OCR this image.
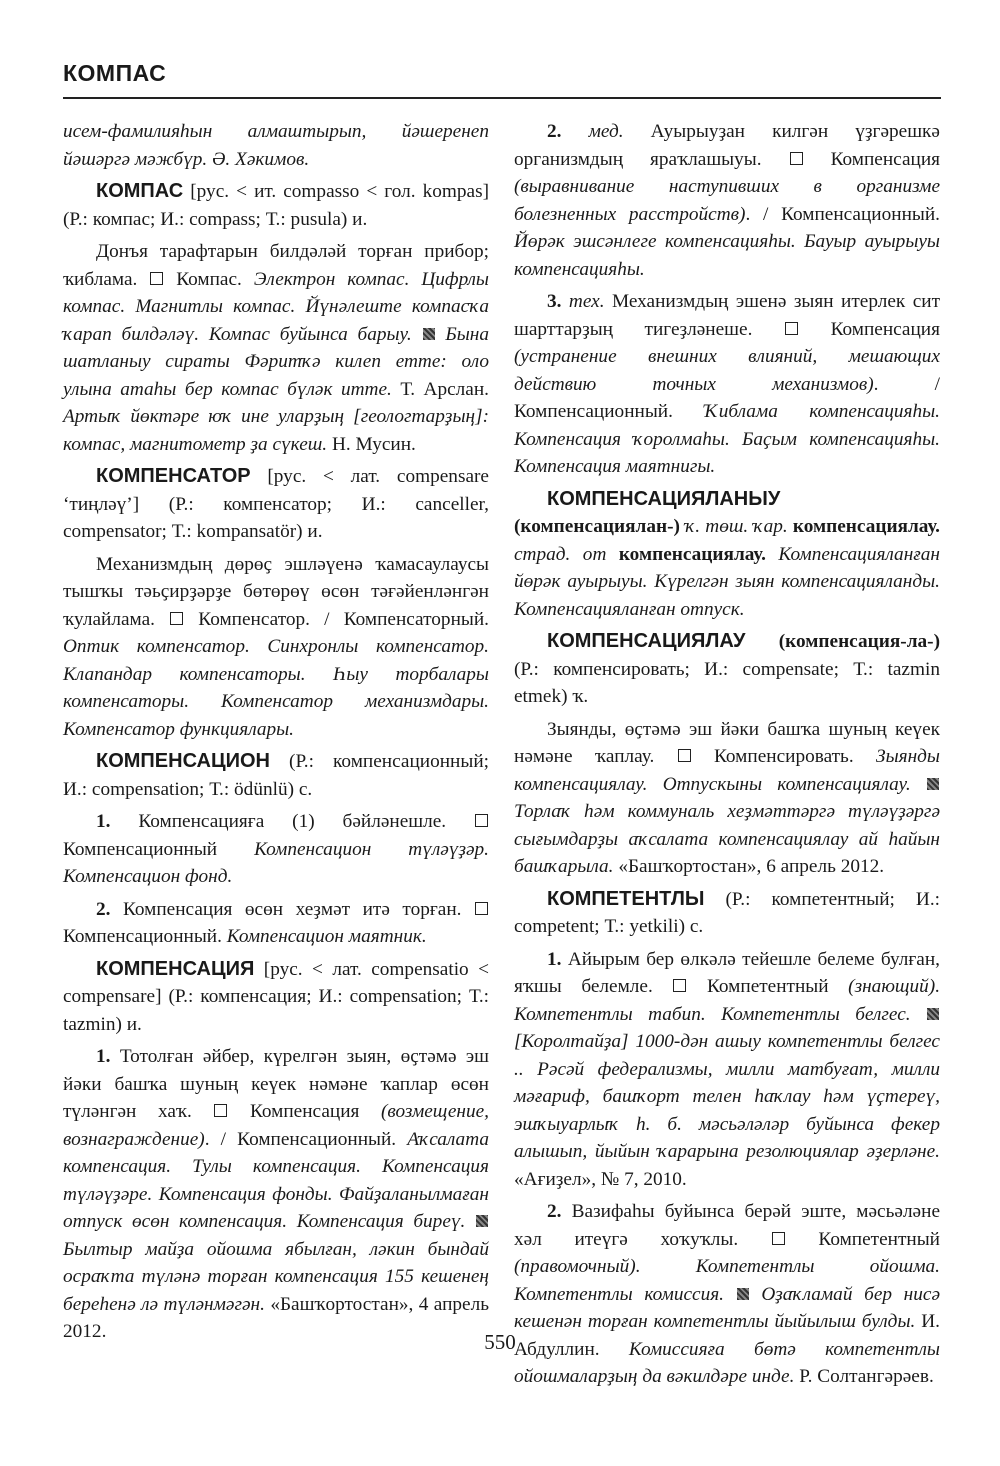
КОМПАС

исем-фамилияһын алмаштырып, йәшеренеп йәшәргә мәжбүр. Ә. Хәкимов.

КОМПАС [рус. < ит. compasso < гол. kompas] (Р.: компас; И.: compass; Т.: pusula) и.

Донъя тарафтарын билдәләй торған прибор; ҡиблама.  Компас. Электрон компас. Цифрлы компас. Магнитлы компас. Йүнәлеште компасҡа ҡарап билдәләү. Компас буйынса барыу.  Бына шатланыу сираты Фәритҡә килеп етте: оло улына атаһы бер компас бүләк итте. Т. Арслан. Артыҡ йөктәре юҡ ине уларҙың [геологтарҙың]: компас, магнитометр ҙа сүкеш. Н. Мусин.

КОМПЕНСАТОР [рус. < лат. compensare ‘тиңләү’] (Р.: компенсатор; И.: canceller, compensator; Т.: kompansatör) и.

Механизмдың дөрөҫ эшләүенә ҡамасаулаусы тышҡы тәьҫирҙәрҙе бөтөрөү өсөн тәғәйенләнгән ҡулайлама.  Компенсатор. / Компенсаторный. Оптик компенсатор. Синхронлы компенсатор. Клапандар компенсаторы. Һыу торбалары компенсаторы. Компенсатор механизмдары. Компенсатор функциялары.

КОМПЕНСАЦИОН (Р.: компенсационный; И.: compensation; Т.: ödünlü) с.

1. Компенсацияға (1) бәйләнешле.  Компенсационный Компенсацион түләүҙәр. Компенсацион фонд.

2. Компенсация өсөн хеҙмәт итә торған.  Компенсационный. Компенсацион маятник.

КОМПЕНСАЦИЯ [рус. < лат. compensatio < compensare] (Р.: компенсация; И.: compensation; Т.: tazmin) и.

1. Тотолған әйбер, күрелгән зыян, өҫтәмә эш йәки башҡа шуның кеүек нәмәне ҡаплар өсөн түләнгән хаҡ.  Компенсация (возмещение, вознаграждение). / Компенсационный. Аҡсалата компенсация. Тулы компенсация. Компенсация түләүҙәре. Компенсация фонды. Файҙаланылмаған отпуск өсөн компенсация. Компенсация биреү.  Былтыр майҙа ойошма ябылған, ләкин бындай осраҡта түләнә торған компенсация 155 кешенең береһенә лә түләнмәгән. «Башҡортостан», 4 апрель 2012.

2. мед. Ауырыуҙан килгән үҙгәрешкә организмдың яраҡлашыуы.  Компенсация (выравнивание наступивших в организме болезненных расстройств). / Компенсационный. Йөрәк эшсәнлеге компенсацияһы. Бауыр ауырыуы компенсацияһы.

3. тех. Механизмдың эшенә зыян итерлек сит шарттарҙың тигеҙләнеше.  Компенсация (устранение внешних влияний, мешающих действию точных механизмов). / Компенсационный. Ҡиблама компенсацияһы. Компенсация ҡоролмаһы. Баҫым компенсацияһы. Компенсация маятнигы.

КОМПЕНСАЦИЯЛАНЫУ (компенсациялан-) ҡ. төш. ҡар. компенсациялау. страд. от компенсациялау. Компенсацияланған йөрәк ауырыуы. Күрелгән зыян компенсацияланды. Компенсацияланған отпуск.

КОМПЕНСАЦИЯЛАУ (компенсация-ла-) (Р.: компенсировать; И.: compensate; Т.: tazmin etmek) ҡ.

Зыянды, өҫтәмә эш йәки башҡа шуның кеүек нәмәне ҡаплау.  Компенсировать. Зыянды компенсациялау. Отпускыны компенсациялау.  Торлаҡ һәм коммуналь хеҙмәттәргә түләүҙәргә сығымдарҙы аҡсалата компенсациялау ай һайын башҡарыла. «Башҡортостан», 6 апрель 2012.

КОМПЕТЕНТЛЫ (Р.: компетентный; И.: competent; Т.: yetkili) с.

1. Айырым бер өлкәлә тейешле белеме булған, яҡшы белемле.  Компетентный (знающий). Компетентлы табип. Компетентлы белгес.  [Королтайҙа] 1000-дән ашыу компетентлы белгес .. Рәсәй федерализмы, милли матбуғат, милли мәғариф, башҡорт телен һаҡлау һәм үҫтереү, эшҡыуарлыҡ һ. б. мәсьәләләр буйынса фекер алышып, йыйын ҡарарына резолюциялар әҙерләне. «Ағиҙел», № 7, 2010.

2. Вазифаһы буйынса берәй эште, мәсьәләне хәл итеүгә хоҡуҡлы.  Компетентный (правомочный). Компетентлы ойошма. Компетентлы комиссия.  Оҙаҡламай бер нисә кешенән торған компетентлы йыйылыш булды. И. Абдуллин. Комиссияға бөтә компетентлы ойошмаларҙың да вәкилдәре инде. Р. Солтангәрәев.

550
